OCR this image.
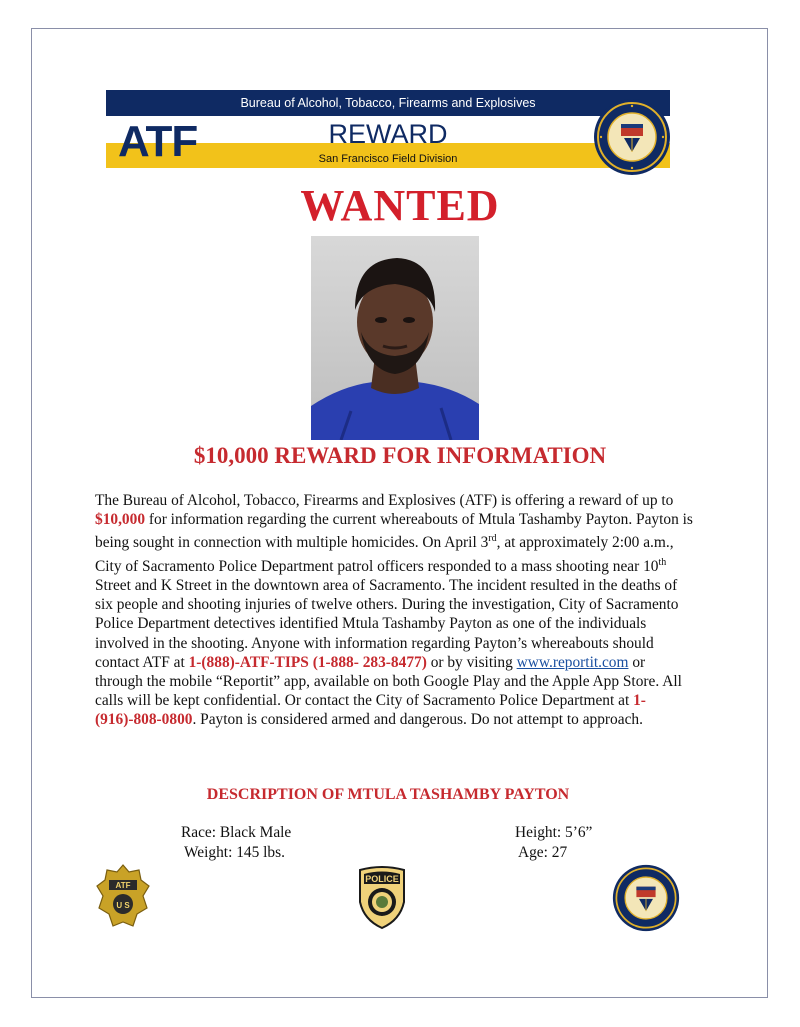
Bureau of Alcohol, Tobacco, Firearms and Explosives
ATF	REWARD
San Francisco Field Division
WANTED
$10,000 REWARD FOR INFORMATION
The Bureau of Alcohol, Tobacco, Firearms and Explosives (ATF) is offering a reward of up to $10,000 for information regarding the current whereabouts of Mtula Tashamby Payton. Payton is being sought in connection with multiple homicides. On April 3rd, at approximately 2:00 a.m., City of Sacramento Police Department patrol officers responded to a mass shooting near 10th Street and K Street in the downtown area of Sacramento. The incident resulted in the deaths of six people and shooting injuries of twelve others. During the investigation, City of Sacramento Police Department detectives identified Mtula Tashamby Payton as one of the individuals involved in the shooting. Anyone with information regarding Payton’s whereabouts should contact ATF at 1-(888)-ATF-TIPS (1-888- 283-8477) or by visiting www.reportit.com or through the mobile “Reportit” app, available on both Google Play and the Apple App Store. All calls will be kept confidential. Or contact the City of Sacramento Police Department at 1-(916)-808-0800. Payton is considered armed and dangerous. Do not attempt to approach.
DESCRIPTION OF MTULA TASHAMBY PAYTON
Race: Black Male
Weight: 145 lbs.
Height: 5’6”
Age: 27
ATF
U S
POLICE
